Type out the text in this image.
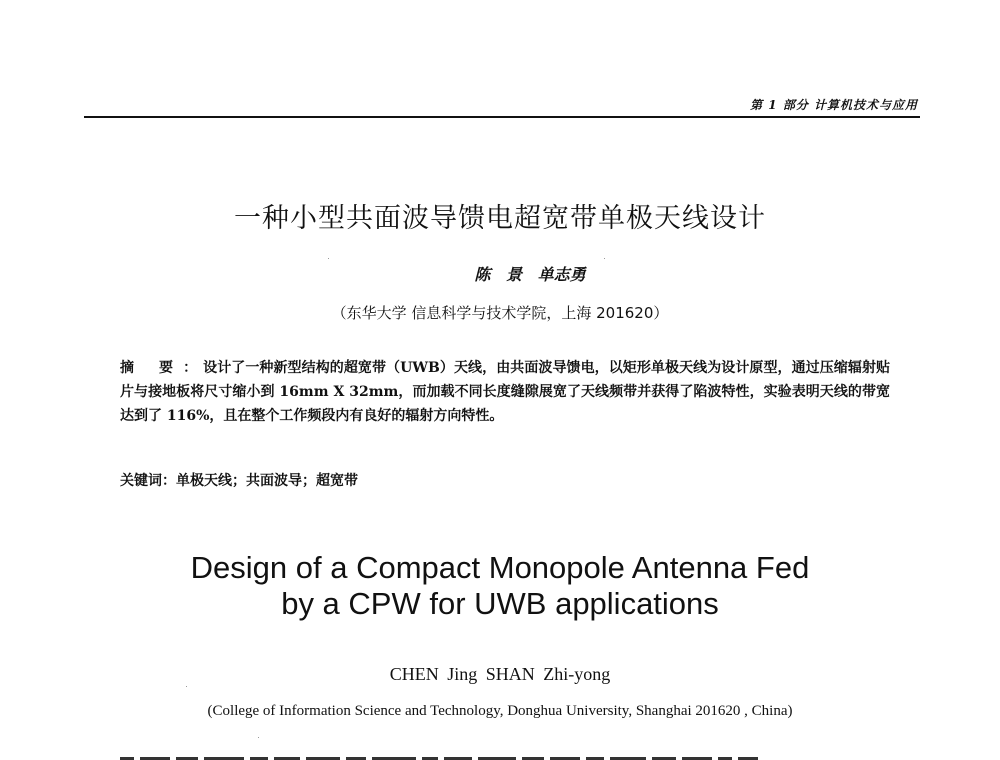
第 1 部分 计算机技术与应用
一种小型共面波导馈电超宽带单极天线设计
陈 景 单志勇
（东华大学 信息科学与技术学院，上海 201620）
摘 要：设计了一种新型结构的超宽带（UWB）天线，由共面波导馈电，以矩形单极天线为设计原型，通过压缩辐射贴片与接地板将尺寸缩小到 16mm X 32mm，而加载不同长度缝隙展宽了天线频带并获得了陷波特性，实验表明天线的带宽达到了 116%，且在整个工作频段内有良好的辐射方向特性。
关键词：单极天线；共面波导；超宽带
Design of a Compact Monopole Antenna Fed
by a CPW for UWB applications
CHEN Jing SHAN Zhi-yong
(College of Information Science and Technology, Donghua University, Shanghai 201620 , China)
